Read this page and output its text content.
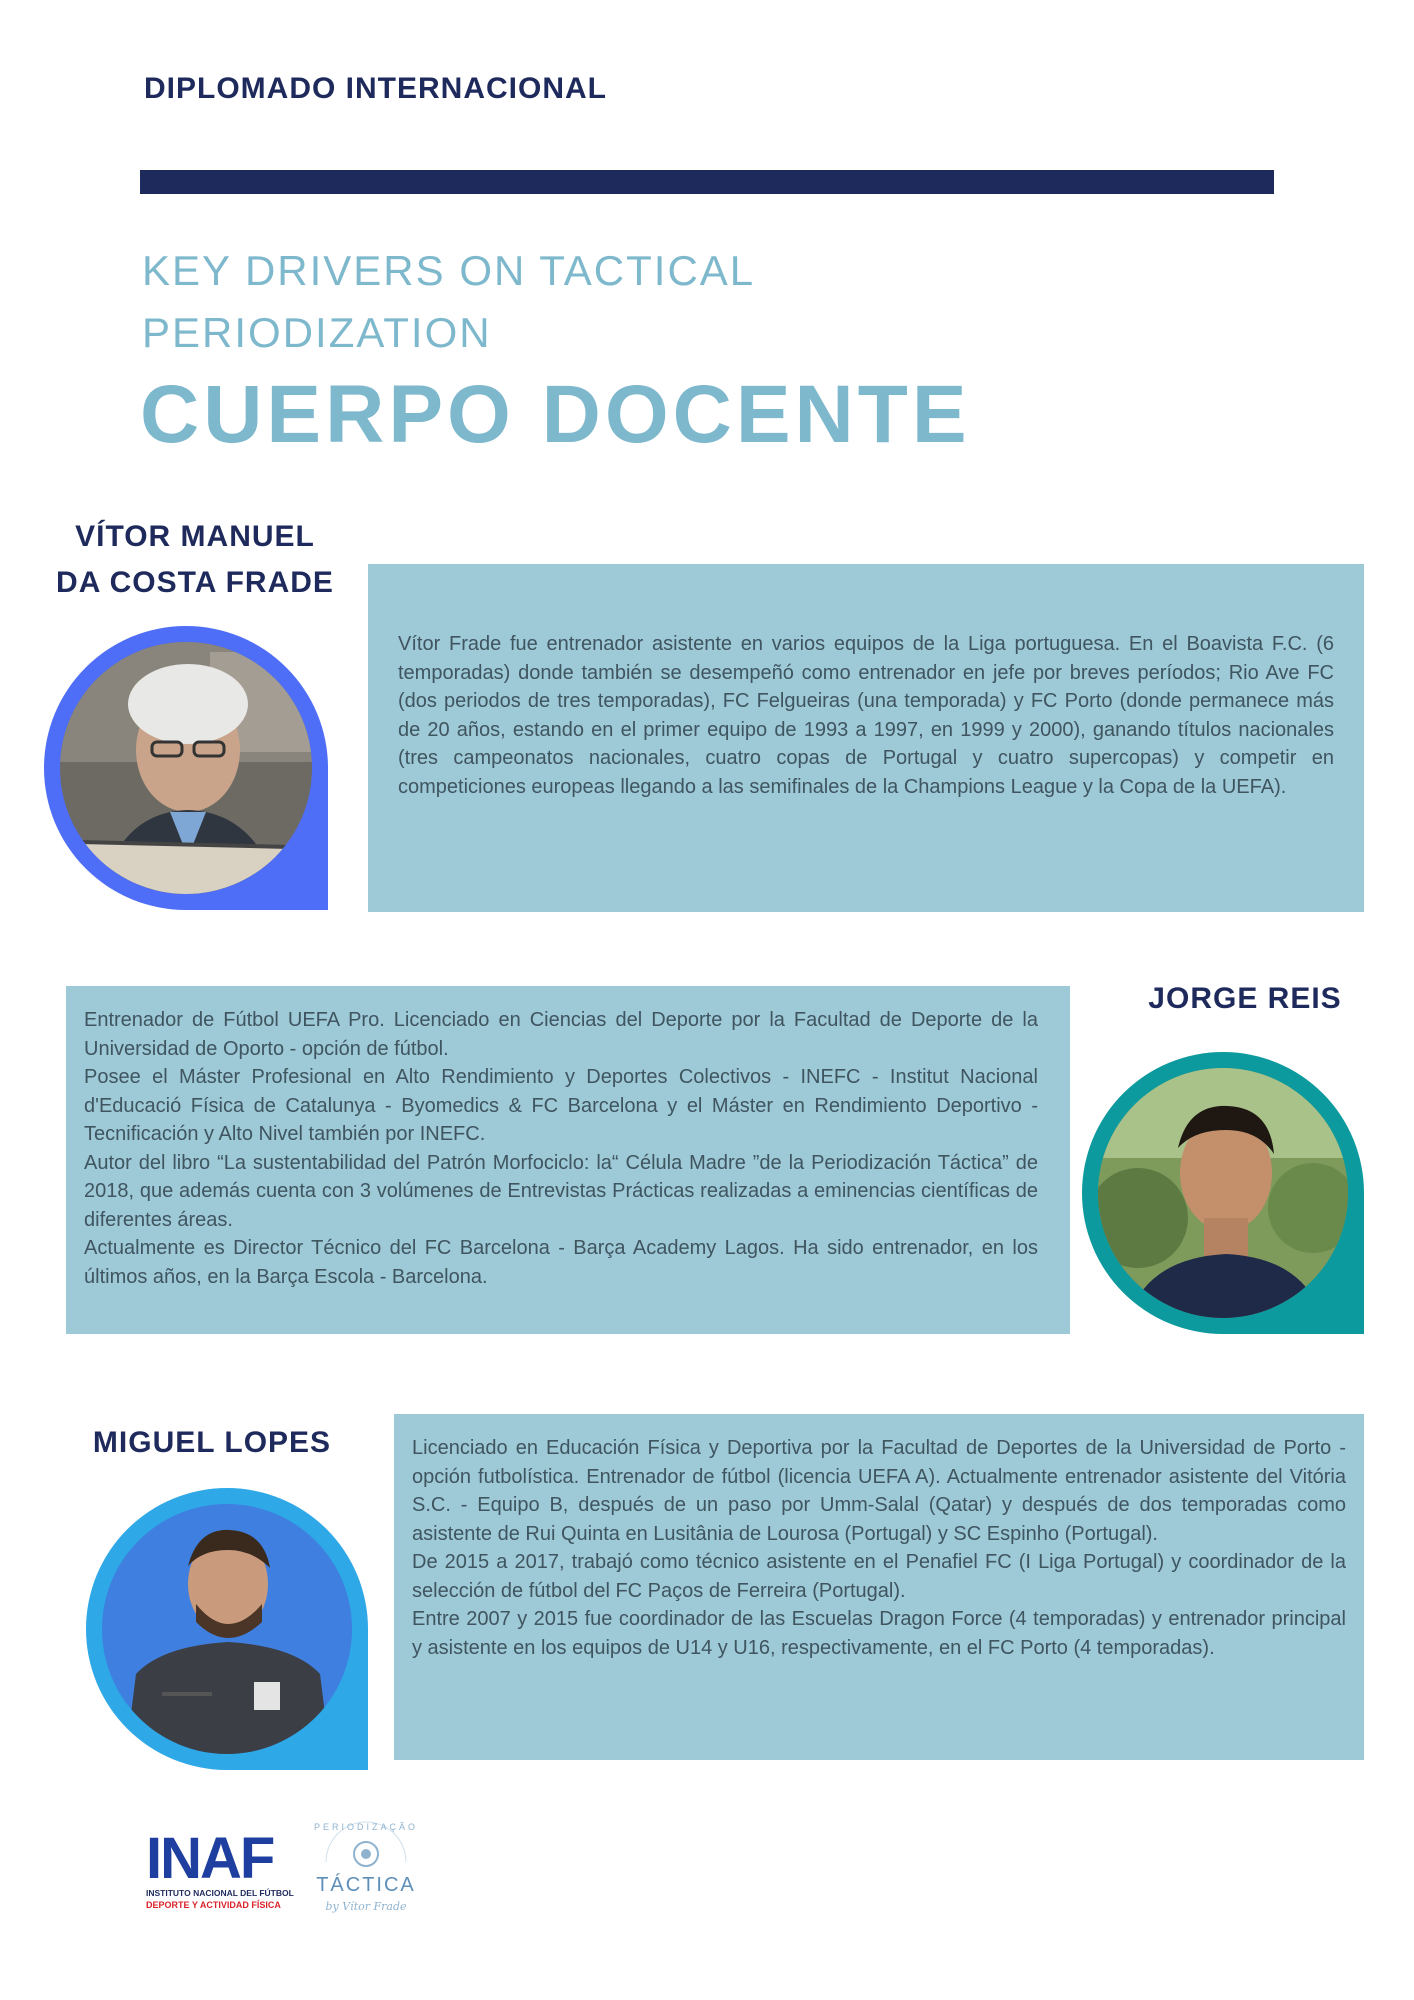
DIPLOMADO INTERNACIONAL
KEY DRIVERS ON TACTICAL
PERIODIZATION
CUERPO DOCENTE
VÍTOR MANUEL
DA COSTA FRADE

Vítor Frade fue entrenador asistente en varios equipos de la Liga portuguesa. En el Boavista F.C. (6 temporadas) donde también se desempeñó como entrenador en jefe por breves períodos; Rio Ave FC (dos periodos de tres temporadas), FC Felgueiras (una temporada) y FC Porto (donde permanece más de 20 años, estando en el primer equipo de 1993 a 1997, en 1999 y 2000), ganando títulos nacionales (tres campeonatos nacionales, cuatro copas de Portugal y cuatro supercopas) y competir en competiciones europeas llegando a las semifinales de la Champions League y la Copa de la UEFA).

Entrenador de Fútbol UEFA Pro. Licenciado en Ciencias del Deporte por la Facultad de Deporte de la Universidad de Oporto - opción de fútbol.

Posee el Máster Profesional en Alto Rendimiento y Deportes Colectivos - INEFC - Institut Nacional d'Educació Física de Catalunya - Byomedics & FC Barcelona y el Máster en Rendimiento Deportivo - Tecnificación y Alto Nivel también por INEFC.

Autor del libro “La sustentabilidad del Patrón Morfociclo: la“ Célula Madre ”de la Periodización Táctica” de 2018, que además cuenta con 3 volúmenes de Entrevistas Prácticas realizadas a eminencias científicas de diferentes áreas.

Actualmente es Director Técnico del FC Barcelona - Barça Academy Lagos. Ha sido entrenador, en los últimos años, en la Barça Escola - Barcelona.

JORGE REIS
MIGUEL LOPES	Licenciado en Educación Física y Deportiva por la Facultad de Deportes de la Universidad de Porto - opción futbolística. Entrenador de fútbol (licencia UEFA A). Actualmente entrenador asistente del Vitória S.C. - Equipo B, después de un paso por Umm-Salal (Qatar) y después de dos temporadas como asistente de Rui Quinta en Lusitânia de Lourosa (Portugal) y SC Espinho (Portugal).

De 2015 a 2017, trabajó como técnico asistente en el Penafiel FC (I Liga Portugal) y coordinador de la selección de fútbol del FC Paços de Ferreira (Portugal).

Entre 2007 y 2015 fue coordinador de las Escuelas Dragon Force (4 temporadas) y entrenador principal y asistente en los equipos de U14 y U16, respectivamente, en el FC Porto (4 temporadas).

INAF
INSTITUTO NACIONAL DEL FÚTBOL
DEPORTE Y ACTIVIDAD FÍSICA
PERIODIZAÇÃO
TÁCTICA
by Vítor Frade
